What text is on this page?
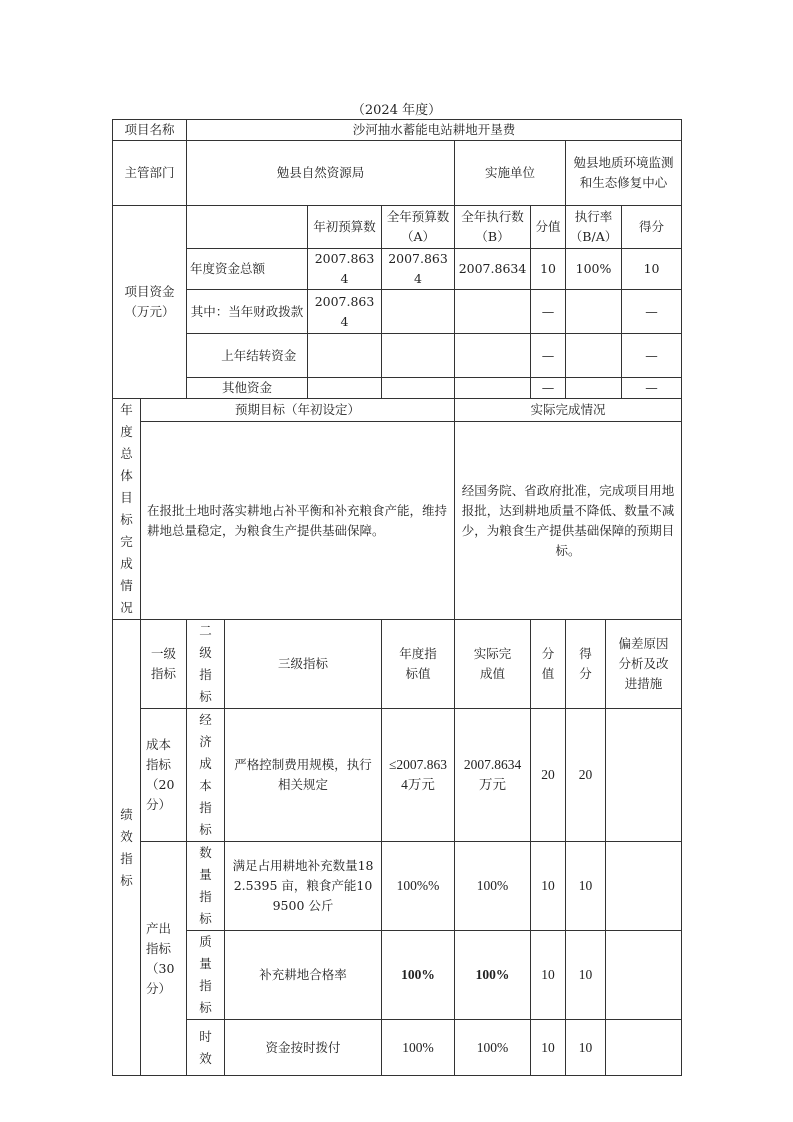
（2024 年度）
项目名称		沙河抽水蓄能电站耕地开垦费								
主管部门		勉县自然资源局				实施单位		勉县地质环境监测和生态修复中心		
项目资金（万元）				年初预算数	全年预算数（A）	全年执行数（B）	分值	执行率（B/A）		得分
		年度资金总额		2007.8634	2007.8634	2007.8634	10	100%		10
		其中：当年财政拨款		2007.8634			—			—
		上年结转资金					—			—
		其他资金					—			—
年度总体目标完成情况	预期目标（年初设定）					实际完成情况				
	在报批土地时落实耕地占补平衡和补充粮食产能，维持耕地总量稳定，为粮食生产提供基础保障。					经国务院、省政府批准，完成项目用地报批，达到耕地质量不降低、数量不减少，为粮食生产提供基础保障的预期目标。				
绩效指标	一级指标	二级指标	三级指标		年度指标值	实际完成值	分值	得分	偏差原因分析及改进措施	
	成本指标（20分）	经济成本指标	严格控制费用规模，执行相关规定		≤2007.8634万元	2007.8634万元	20	20		
	产出指标（30分）	数量指标	满足占用耕地补充数量182.5395 亩，粮食产能109500 公斤		100%%	100%	10	10		
		质量指标	补充耕地合格率		100%	100%	10	10		
		时效	资金按时拨付		100%	100%	10	10		
